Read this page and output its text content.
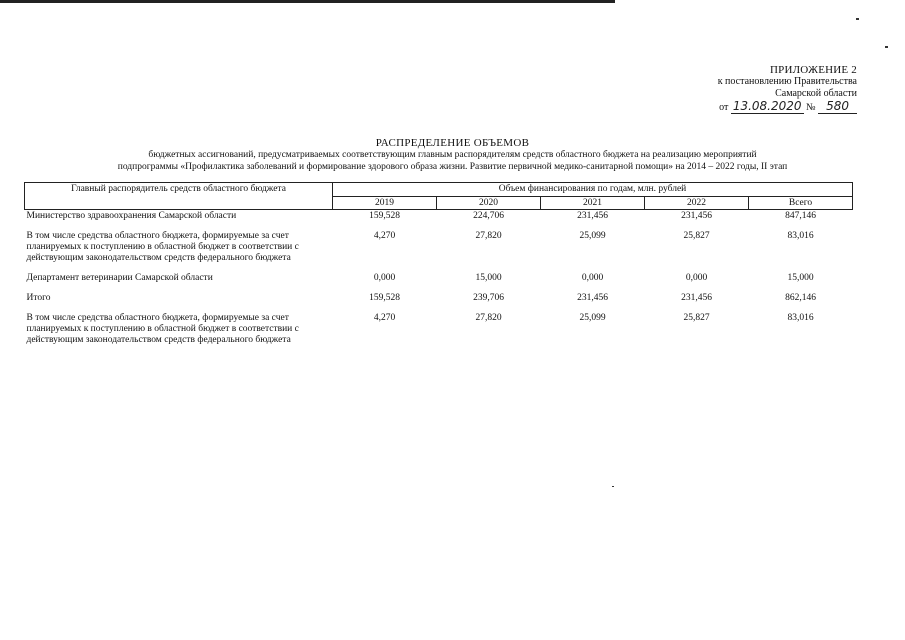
ПРИЛОЖЕНИЕ 2
к постановлению Правительства
Самарской области
от 13.08.2020 № 580
РАСПРЕДЕЛЕНИЕ ОБЪЕМОВ
бюджетных ассигнований, предусматриваемых соответствующим главным распорядителям средств областного бюджета на реализацию мероприятий
подпрограммы «Профилактика заболеваний и формирование здорового образа жизни. Развитие первичной медико-санитарной помощи» на 2014 – 2022 годы, II этап
Главный распорядитель средств областного бюджета	Объем финансирования по годам, млн. рублей				
	2019	2020	2021	2022	Всего
Министерство здравоохранения Самарской области	159,528	224,706	231,456	231,456	847,146

В том числе средства областного бюджета, формируемые за счет планируемых к поступлению в областной бюджет в соответствии с действующим законодательством средств федерального бюджета	4,270	27,820	25,099	25,827	83,016

Департамент ветеринарии Самарской области	0,000	15,000	0,000	0,000	15,000

Итого	159,528	239,706	231,456	231,456	862,146

В том числе средства областного бюджета, формируемые за счет планируемых к поступлению в областной бюджет в соответствии с действующим законодательством средств федерального бюджета	4,270	27,820	25,099	25,827	83,016
